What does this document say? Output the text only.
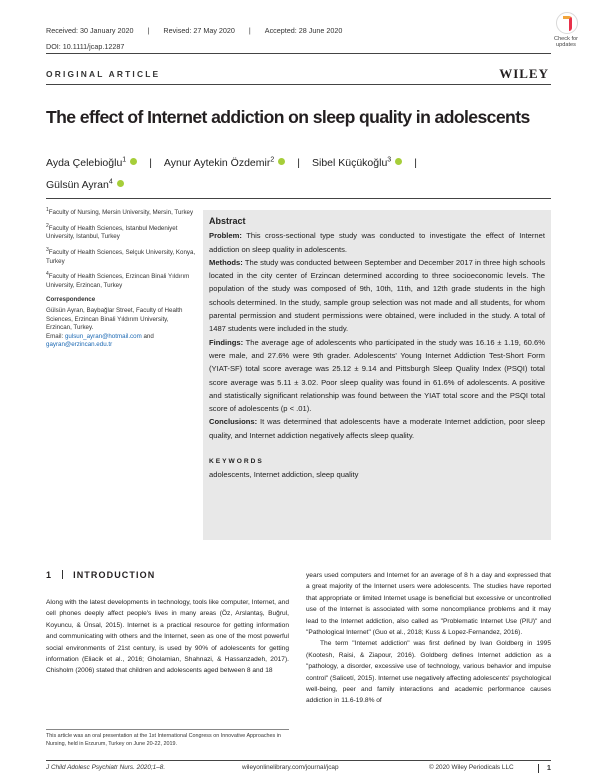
Received: 30 January 2020 | Revised: 27 May 2020 | Accepted: 28 June 2020
DOI: 10.1111/jcap.12287
Check for
updates
ORIGINAL ARTICLE	WILEY
The effect of Internet addiction on sleep quality in adolescents
Ayda Çelebioğlu$^1$ | Aynur Aytekin Özdemir$^2$ | Sibel Küçükoğlu$^3$ |
Gülsün Ayran$^4$

$^1$Faculty of Nursing, Mersin University, Mersin, Turkey

$^2$Faculty of Health Sciences, Istanbul Medeniyet University, Istanbul, Turkey

$^3$Faculty of Health Sciences, Selçuk University, Konya, Turkey

$^4$Faculty of Health Sciences, Erzincan Binali Yıldırım University, Erzincan, Turkey

Correspondence

Gülsün Ayran, Baybağlar Street, Faculty of Health Sciences, Erzincan Binali Yıldırım University, Erzincan, Turkey.
Email: gulsun_ayran@hotmail.com and
gayran@erzincan.edu.tr

Abstract

Problem: This cross-sectional type study was conducted to investigate the effect of Internet addiction on sleep quality in adolescents.

Methods: The study was conducted between September and December 2017 in three high schools located in the city center of Erzincan determined according to three socioeconomic levels. The population of the study was composed of 9th, 10th, 11th, and 12th grade students in the high schools determined. In the study, sample group selection was not made and all students, for whom parental permission and student permissions were obtained, were included in the study. A total of 1487 students were included in the study.

Findings: The average age of adolescents who participated in the study was 16.16 ± 1.19, 60.6% were male, and 27.6% were 9th grader. Adolescents' Young Internet Addiction Test-Short Form (YIAT-SF) total score average was 25.12 ± 9.14 and Pittsburgh Sleep Quality Index (PSQI) total score average was 5.11 ± 3.02. Poor sleep quality was found in 61.6% of adolescents. A positive and statistically significant relationship was found between the YIAT total score and the PSQI total score of adolescents (p < .01).

Conclusions: It was determined that adolescents have a moderate Internet addiction, poor sleep quality, and Internet addiction negatively affects sleep quality.

KEYWORDS

adolescents, Internet addiction, sleep quality

1 INTRODUCTION

Along with the latest developments in technology, tools like computer, Internet, and cell phones deeply affect people's lives in many areas (Öz, Arslantaş, Buğrul, Koyuncu, & Ünsal, 2015). Internet is a practical resource for getting information and communicating with others and the Internet, seen as one of the most powerful social environments of 21st century, is used by 90% of adolescents for getting information (Eliacik et al., 2016; Gholamian, Shahnazi, & Hassanzadeh, 2017). Chisholm (2006) stated that children and adolescents aged between 8 and 18

years used computers and Internet for an average of 8 h a day and expressed that a great majority of the Internet users were adolescents. The studies have reported that appropriate or limited Internet usage is beneficial but excessive or uncontrolled use of the Internet is associated with some noncompliance problems and it may lead to the Internet addiction, also called as "Problematic Internet Use (PIU)" and "Pathological Internet" (Guo et al., 2018; Kuss & Lopez-Fernandez, 2016).

The term "Internet addiction" was first defined by Ivan Goldberg in 1995 (Kootesh, Raisi, & Ziapour, 2016). Goldberg defines Internet addiction as a "pathology, a disorder, excessive use of technology, various behavior and impulse control" (Salicetí, 2015). Internet use negatively affecting adolescents' psychological well-being, peer and family interactions and academic performance causes addiction in 11.6-19.8% of

This article was an oral presentation at the 1st International Congress on Innovative Approaches in Nursing, held in Erzurum, Turkey on June 20-22, 2019.
J Child Adolesc Psychiatr Nurs. 2020;1–8.	wileyonlinelibrary.com/journal/jcap	© 2020 Wiley Periodicals LLC	1
